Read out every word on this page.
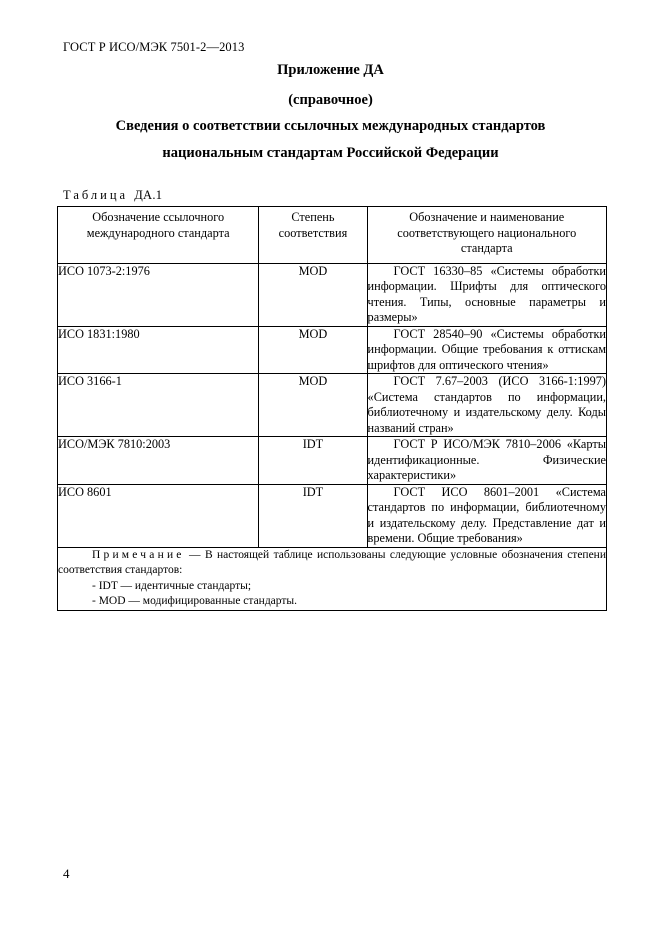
ГОСТ Р ИСО/МЭК 7501-2—2013
Приложение ДА
(справочное)
Сведения о соответствии ссылочных международных стандартов
национальным стандартам Российской Федерации
Таблица ДА.1
Обозначение ссылочного международного стандарта	Степень соответствия	Обозначение и наименование соответствующего национального стандарта
ИСО 1073-2:1976	MOD	ГОСТ 16330–85 «Системы обработки информации. Шрифты для оптического чтения. Типы, основные параметры и размеры»
ИСО 1831:1980	MOD	ГОСТ 28540–90 «Системы обработки информации. Общие требования к оттискам шрифтов для оптического чтения»
ИСО 3166-1	MOD	ГОСТ 7.67–2003 (ИСО 3166-1:1997) «Система стандартов по информации, библиотечному и издательскому делу. Коды названий стран»
ИСО/МЭК 7810:2003	IDT	ГОСТ Р ИСО/МЭК 7810–2006 «Карты идентификационные. Физические характеристики»
ИСО 8601	IDT	ГОСТ ИСО 8601–2001 «Система стандартов по информации, библиотечному и издательскому делу. Представление дат и времени. Общие требования»

Примечание — В настоящей таблице использованы следующие условные обозначения степени соответствия стандартов:
- IDT — идентичные стандарты;
- MOD — модифицированные стандарты.		
4
